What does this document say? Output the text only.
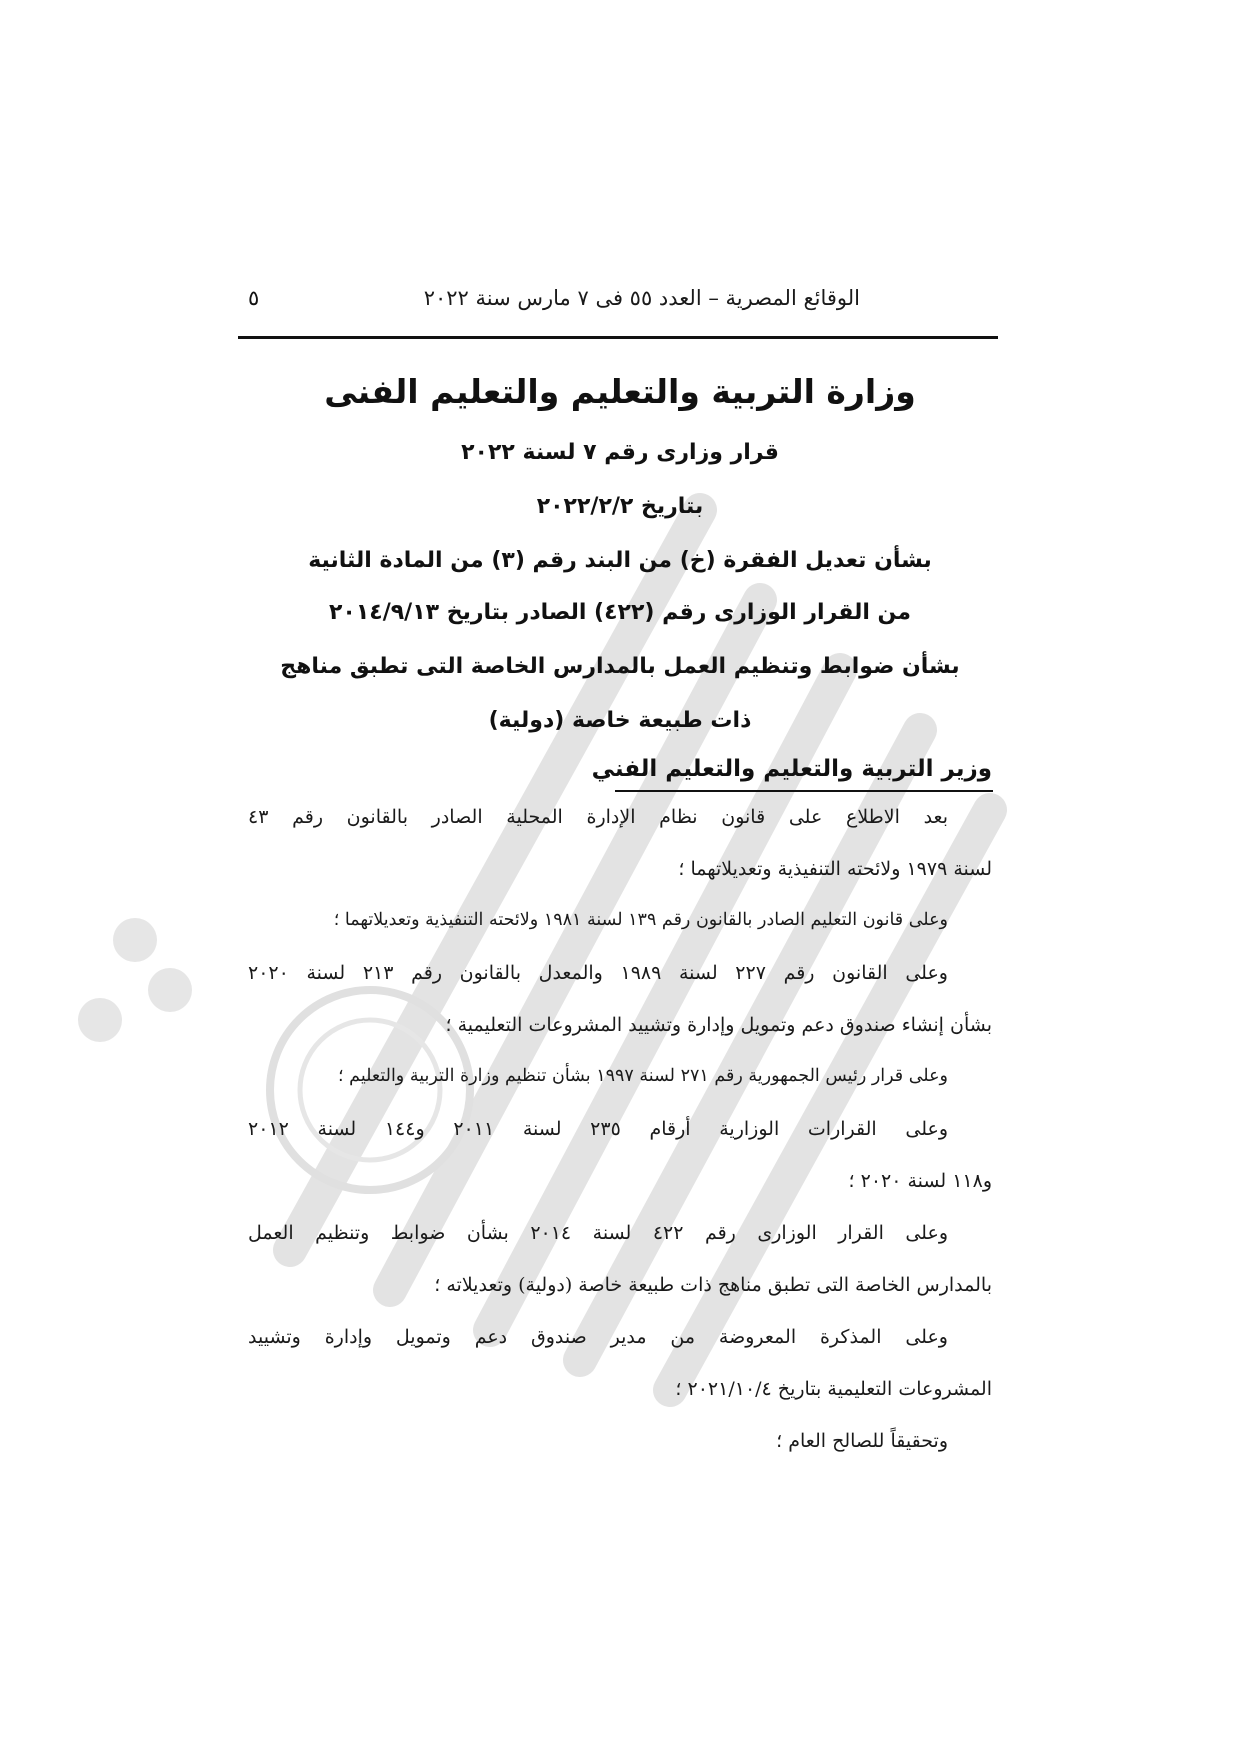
الوقائع المصرية – العدد ٥٥ فى ٧ مارس سنة ٢٠٢٢
٥
وزارة التربية والتعليم والتعليم الفنى
قرار وزارى رقم ٧ لسنة ٢٠٢٢
بتاريخ ٢٠٢٢/٢/٢
بشأن تعديل الفقرة (خ) من البند رقم (٣) من المادة الثانية
من القرار الوزارى رقم (٤٢٢) الصادر بتاريخ ٢٠١٤/٩/١٣
بشأن ضوابط وتنظيم العمل بالمدارس الخاصة التى تطبق مناهج
ذات طبيعة خاصة (دولية)
وزير التربية والتعليم والتعليم الفني
بعد الاطلاع على قانون نظام الإدارة المحلية الصادر بالقانون رقم ٤٣
لسنة ١٩٧٩ ولائحته التنفيذية وتعديلاتهما ؛
وعلى قانون التعليم الصادر بالقانون رقم ١٣٩ لسنة ١٩٨١ ولائحته التنفيذية وتعديلاتهما ؛
وعلى القانون رقم ٢٢٧ لسنة ١٩٨٩ والمعدل بالقانون رقم ٢١٣ لسنة ٢٠٢٠
بشأن إنشاء صندوق دعم وتمويل وإدارة وتشييد المشروعات التعليمية ؛
وعلى قرار رئيس الجمهورية رقم ٢٧١ لسنة ١٩٩٧ بشأن تنظيم وزارة التربية والتعليم ؛
وعلى القرارات الوزارية أرقام ٢٣٥ لسنة ٢٠١١ و١٤٤ لسنة ٢٠١٢
و١١٨ لسنة ٢٠٢٠ ؛
وعلى القرار الوزارى رقم ٤٢٢ لسنة ٢٠١٤ بشأن ضوابط وتنظيم العمل
بالمدارس الخاصة التى تطبق مناهج ذات طبيعة خاصة (دولية) وتعديلاته ؛
وعلى المذكرة المعروضة من مدير صندوق دعم وتمويل وإدارة وتشييد
المشروعات التعليمية بتاريخ ٢٠٢١/١٠/٤ ؛
وتحقيقاً للصالح العام ؛
